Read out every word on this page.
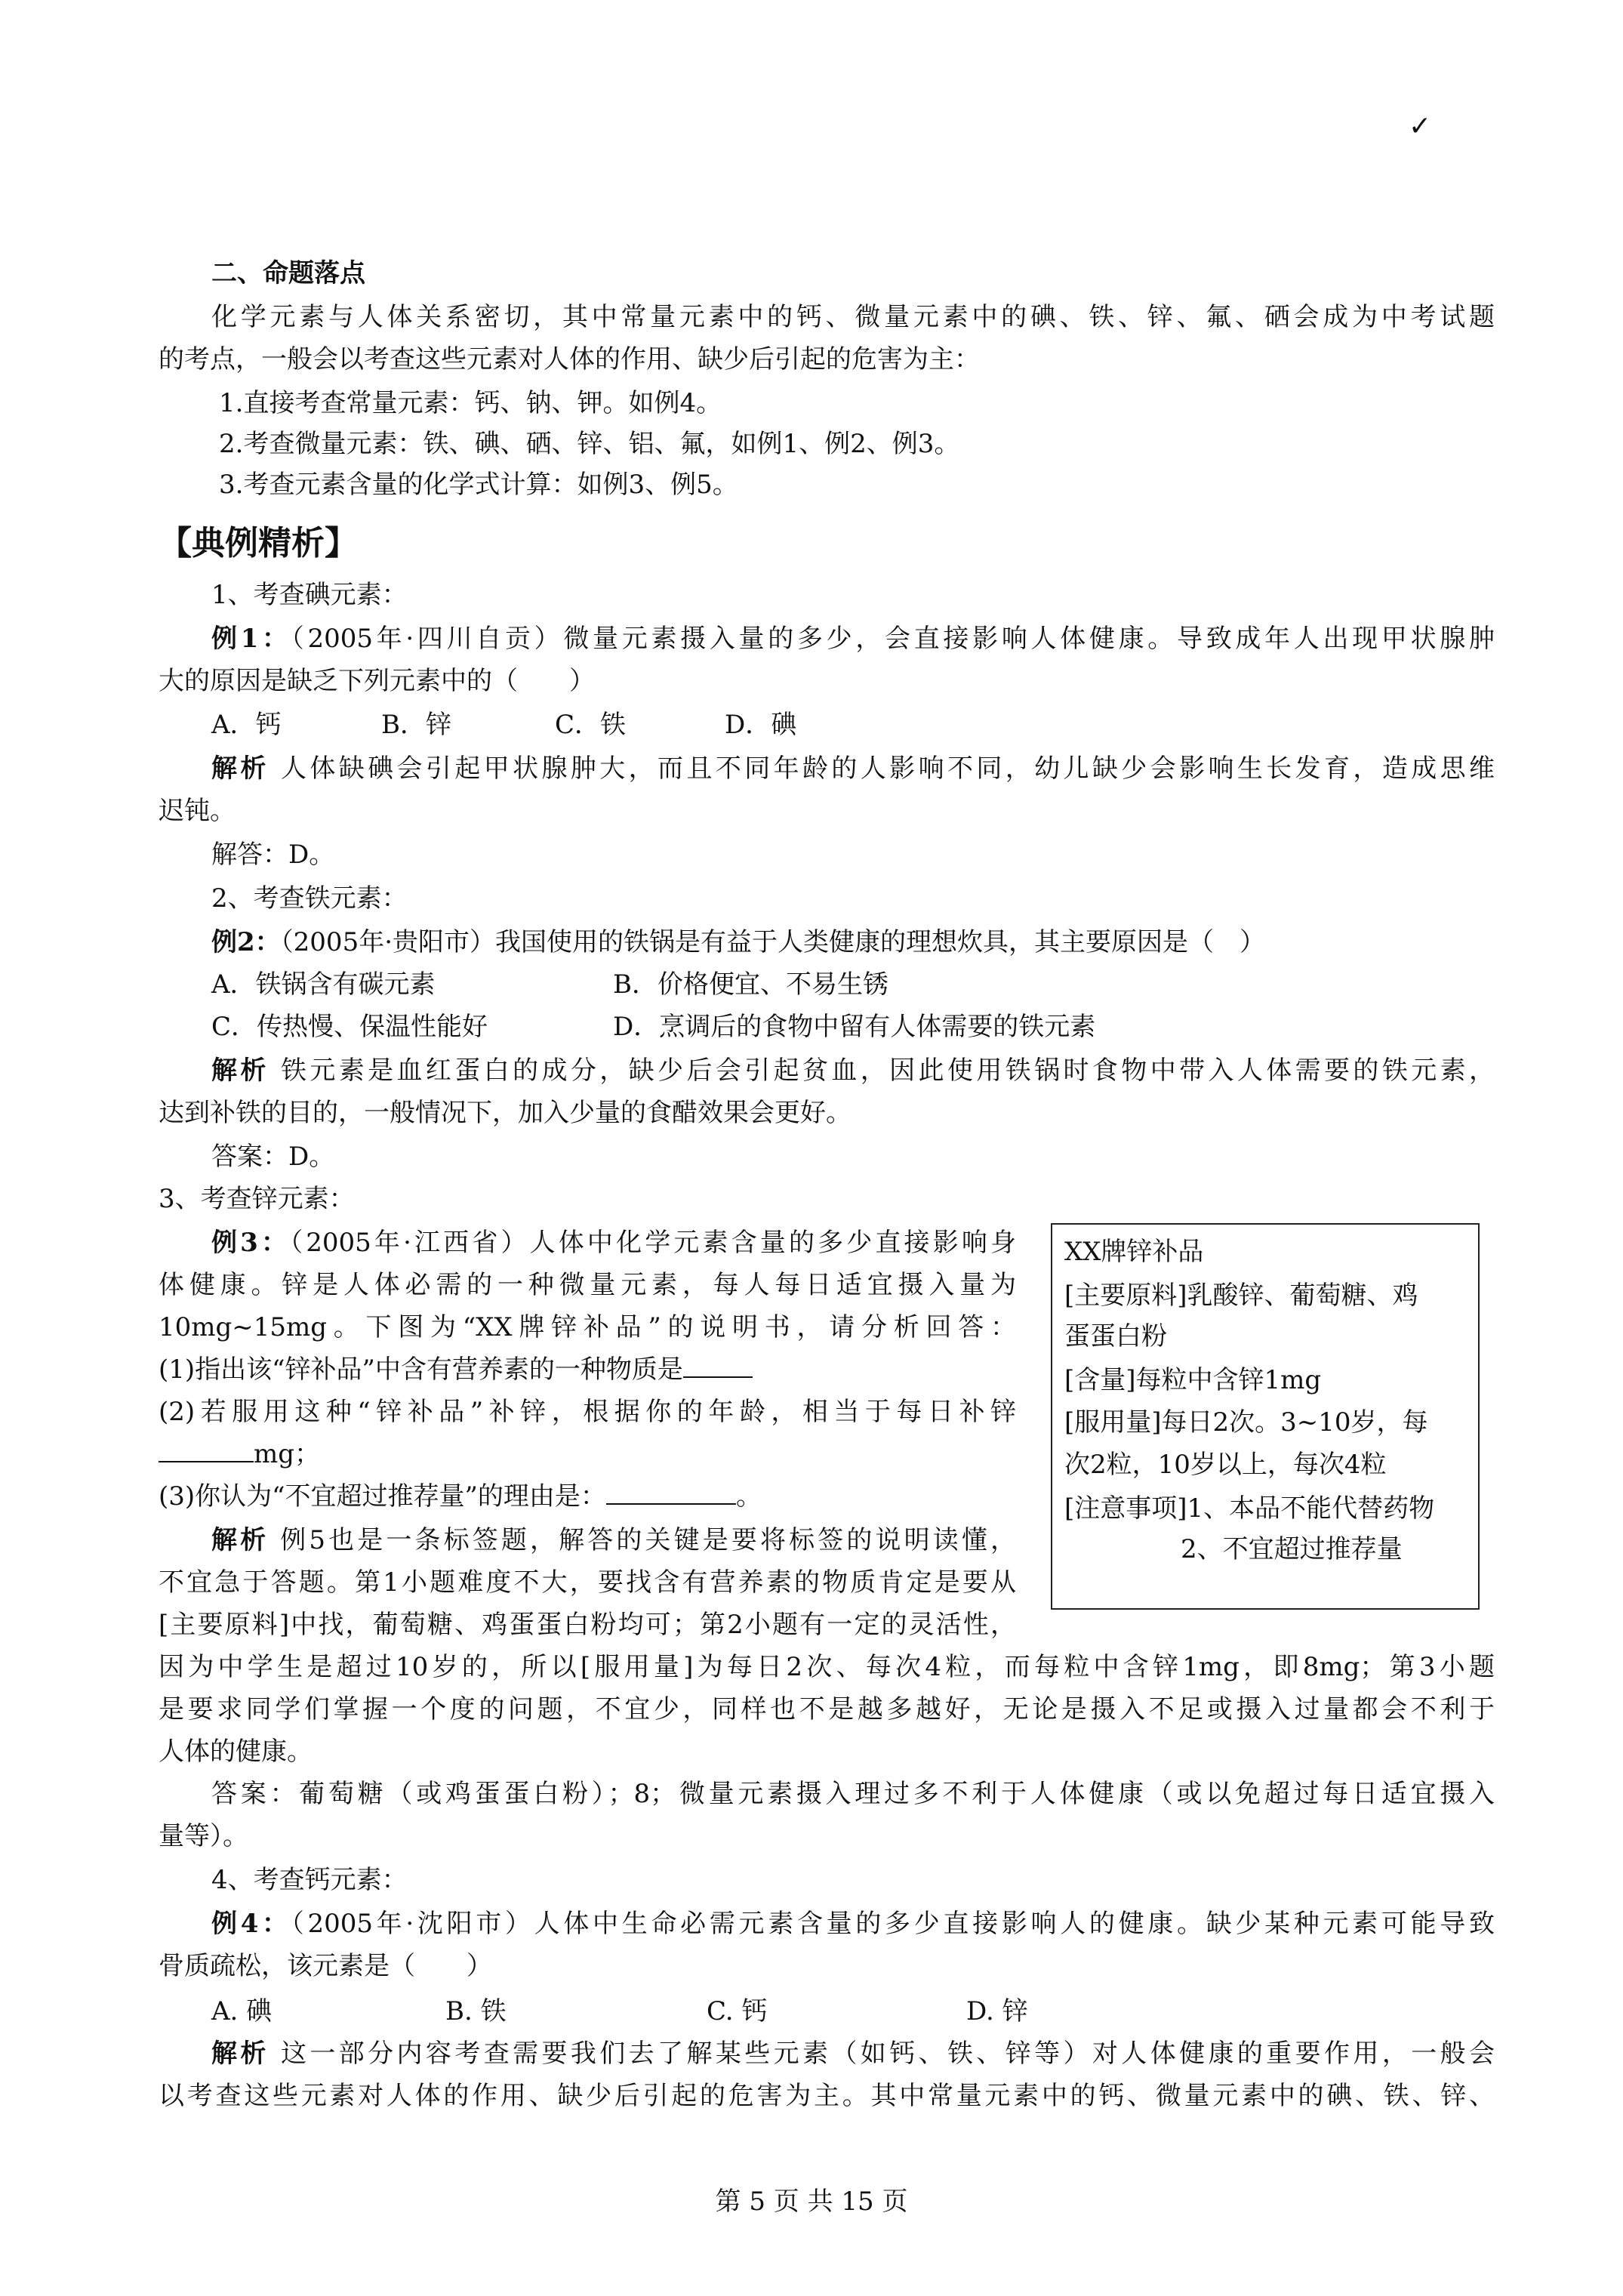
✓
二、命题落点
化学元素与人体关系密切，其中常量元素中的钙、微量元素中的碘、铁、锌、氟、硒会成为中考试题
的考点，一般会以考查这些元素对人体的作用、缺少后引起的危害为主：
1.直接考查常量元素：钙、钠、钾。如例4。
2.考查微量元素：铁、碘、硒、锌、铝、氟，如例1、例2、例3。
3.考查元素含量的化学式计算：如例3、例5。
【典例精析】
1、考查碘元素：
例1：（2005年·四川自贡）微量元素摄入量的多少，会直接影响人体健康。导致成年人出现甲状腺肿
大的原因是缺乏下列元素中的（　　）
A．钙	B．锌	C．铁	D．碘
解析 人体缺碘会引起甲状腺肿大，而且不同年龄的人影响不同，幼儿缺少会影响生长发育，造成思维
迟钝。
解答：D。
2、考查铁元素：
例2：（2005年·贵阳市）我国使用的铁锅是有益于人类健康的理想炊具，其主要原因是（　）
A．铁锅含有碳元素	B．价格便宜、不易生锈
C．传热慢、保温性能好	D．烹调后的食物中留有人体需要的铁元素
解析 铁元素是血红蛋白的成分，缺少后会引起贫血，因此使用铁锅时食物中带入人体需要的铁元素，
达到补铁的目的，一般情况下，加入少量的食醋效果会更好。
答案：D。
3、考查锌元素：
例3：（2005年·江西省）人体中化学元素含量的多少直接影响身
体健康。锌是人体必需的一种微量元素，每人每日适宜摄入量为
10mg~15mg。下图为“XX牌锌补品”的说明书，请分析回答：
(1)指出该“锌补品”中含有营养素的一种物质是
(2)若服用这种“锌补品”补锌，根据你的年龄，相当于每日补锌
mg；
(3)你认为“不宜超过推荐量”的理由是：	。
解析 例5也是一条标签题，解答的关键是要将标签的说明读懂，
不宜急于答题。第1小题难度不大，要找含有营养素的物质肯定是要从
[主要原料]中找，葡萄糖、鸡蛋蛋白粉均可；第2小题有一定的灵活性，
因为中学生是超过10岁的，所以[服用量]为每日2次、每次4粒，而每粒中含锌1mg，即8mg；第3小题
是要求同学们掌握一个度的问题，不宜少，同样也不是越多越好，无论是摄入不足或摄入过量都会不利于
人体的健康。
答案：葡萄糖（或鸡蛋蛋白粉）；8；微量元素摄入理过多不利于人体健康（或以免超过每日适宜摄入
量等）。
XX牌锌补品
[主要原料]乳酸锌、葡萄糖、鸡
蛋蛋白粉
[含量]每粒中含锌1mg
[服用量]每日2次。3~10岁，每
次2粒，10岁以上，每次4粒
[注意事项]1、本品不能代替药物
2、不宜超过推荐量
4、考查钙元素：
例4：（2005年·沈阳市）人体中生命必需元素含量的多少直接影响人的健康。缺少某种元素可能导致
骨质疏松，该元素是（　　）
A. 碘	B. 铁	C. 钙	D. 锌
解析 这一部分内容考查需要我们去了解某些元素（如钙、铁、锌等）对人体健康的重要作用，一般会
以考查这些元素对人体的作用、缺少后引起的危害为主。其中常量元素中的钙、微量元素中的碘、铁、锌、
第 5 页 共 15 页
